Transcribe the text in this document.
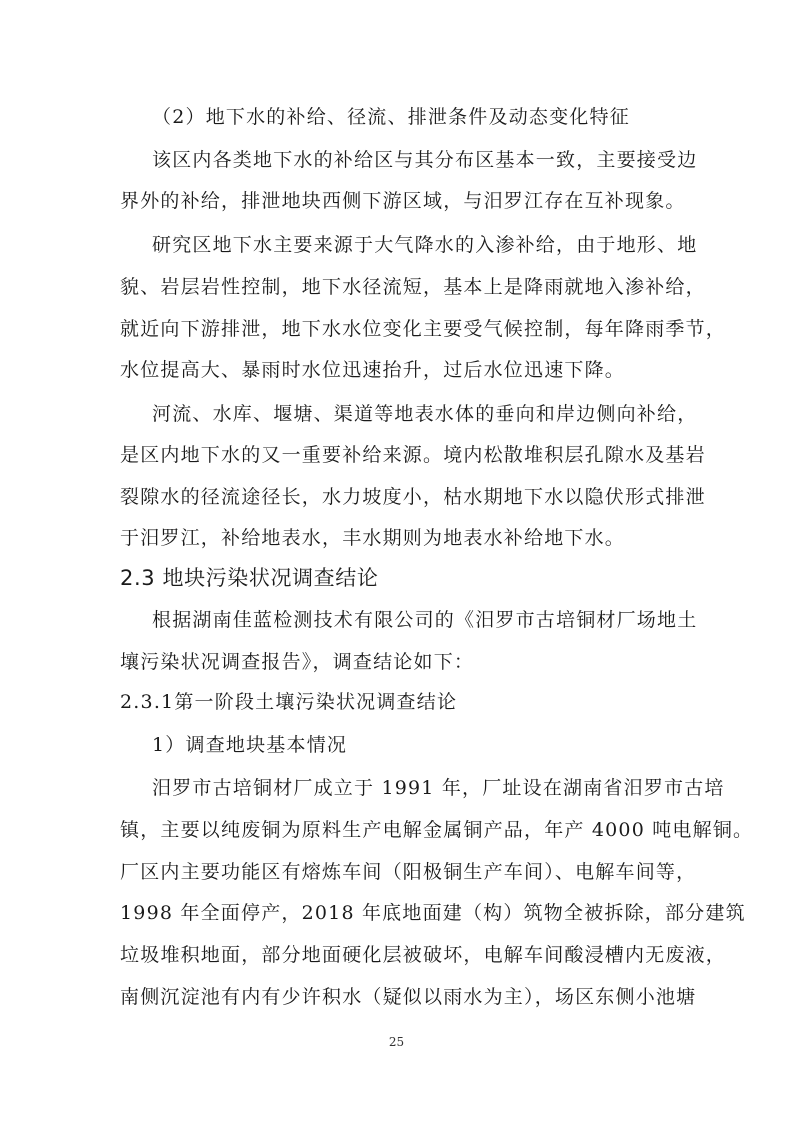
（2）地下水的补给、径流、排泄条件及动态变化特征
该区内各类地下水的补给区与其分布区基本一致，主要接受边
界外的补给，排泄地块西侧下游区域，与汨罗江存在互补现象。
研究区地下水主要来源于大气降水的入渗补给，由于地形、地
貌、岩层岩性控制，地下水径流短，基本上是降雨就地入渗补给，
就近向下游排泄，地下水水位变化主要受气候控制，每年降雨季节，
水位提高大、暴雨时水位迅速抬升，过后水位迅速下降。
河流、水库、堰塘、渠道等地表水体的垂向和岸边侧向补给，
是区内地下水的又一重要补给来源。境内松散堆积层孔隙水及基岩
裂隙水的径流途径长，水力坡度小，枯水期地下水以隐伏形式排泄
于汨罗江，补给地表水，丰水期则为地表水补给地下水。
2.3 地块污染状况调查结论
根据湖南佳蓝检测技术有限公司的《汨罗市古培铜材厂场地土
壤污染状况调查报告》，调查结论如下：
2.3.1第一阶段土壤污染状况调查结论
1）调查地块基本情况
汨罗市古培铜材厂成立于 1991 年，厂址设在湖南省汨罗市古培
镇，主要以纯废铜为原料生产电解金属铜产品，年产 4000 吨电解铜。
厂区内主要功能区有熔炼车间（阳极铜生产车间）、电解车间等，
1998 年全面停产，2018 年底地面建（构）筑物全被拆除，部分建筑
垃圾堆积地面，部分地面硬化层被破坏，电解车间酸浸槽内无废液，
南侧沉淀池有内有少许积水（疑似以雨水为主），场区东侧小池塘
25
